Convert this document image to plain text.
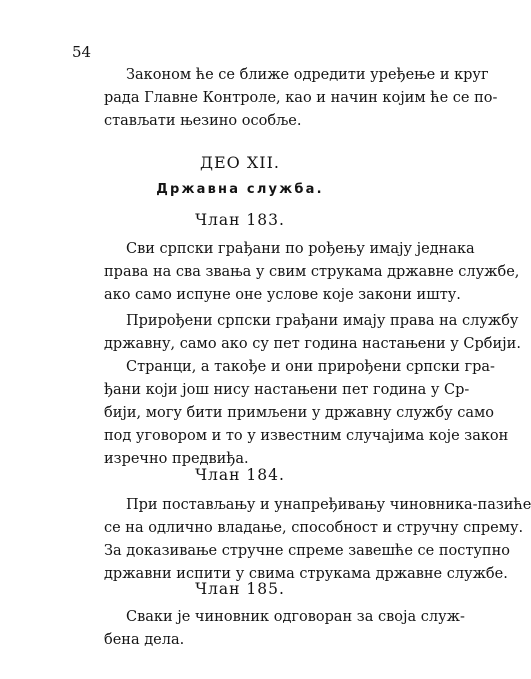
54
Законом ће се ближе одредити уређење и круг
рада Главне Контроле, као и начин којим ће се по-
стављати њезино особље.
ДЕО XII.
Државна служба.
Члан 183.
Сви српски грађани по рођењу имају једнака
права на сва звања у свим струкама државне службе,
ако само испуне оне услове које закони ишту.
Прирођени српски грађани имају права на службу
државну, само ако су пет година настањени у Србији.
Странци, а такође и они прирођени српски гра-
ђани који још нису настањени пет година у Ср-
бији, могу бити примљени у државну службу само
под уговором и то у известним случајима које закон
изречно предвиђа.
Члан 184.
При постављању и унапређивању чиновника-пазиће
се на одлично владање, способност и стручну спрему.
За доказивање стручне спреме завешће се поступно
државни испити у свима струкама државне службе.
Члан 185.
Сваки је чиновник одговоран за своја служ-
бена дела.
